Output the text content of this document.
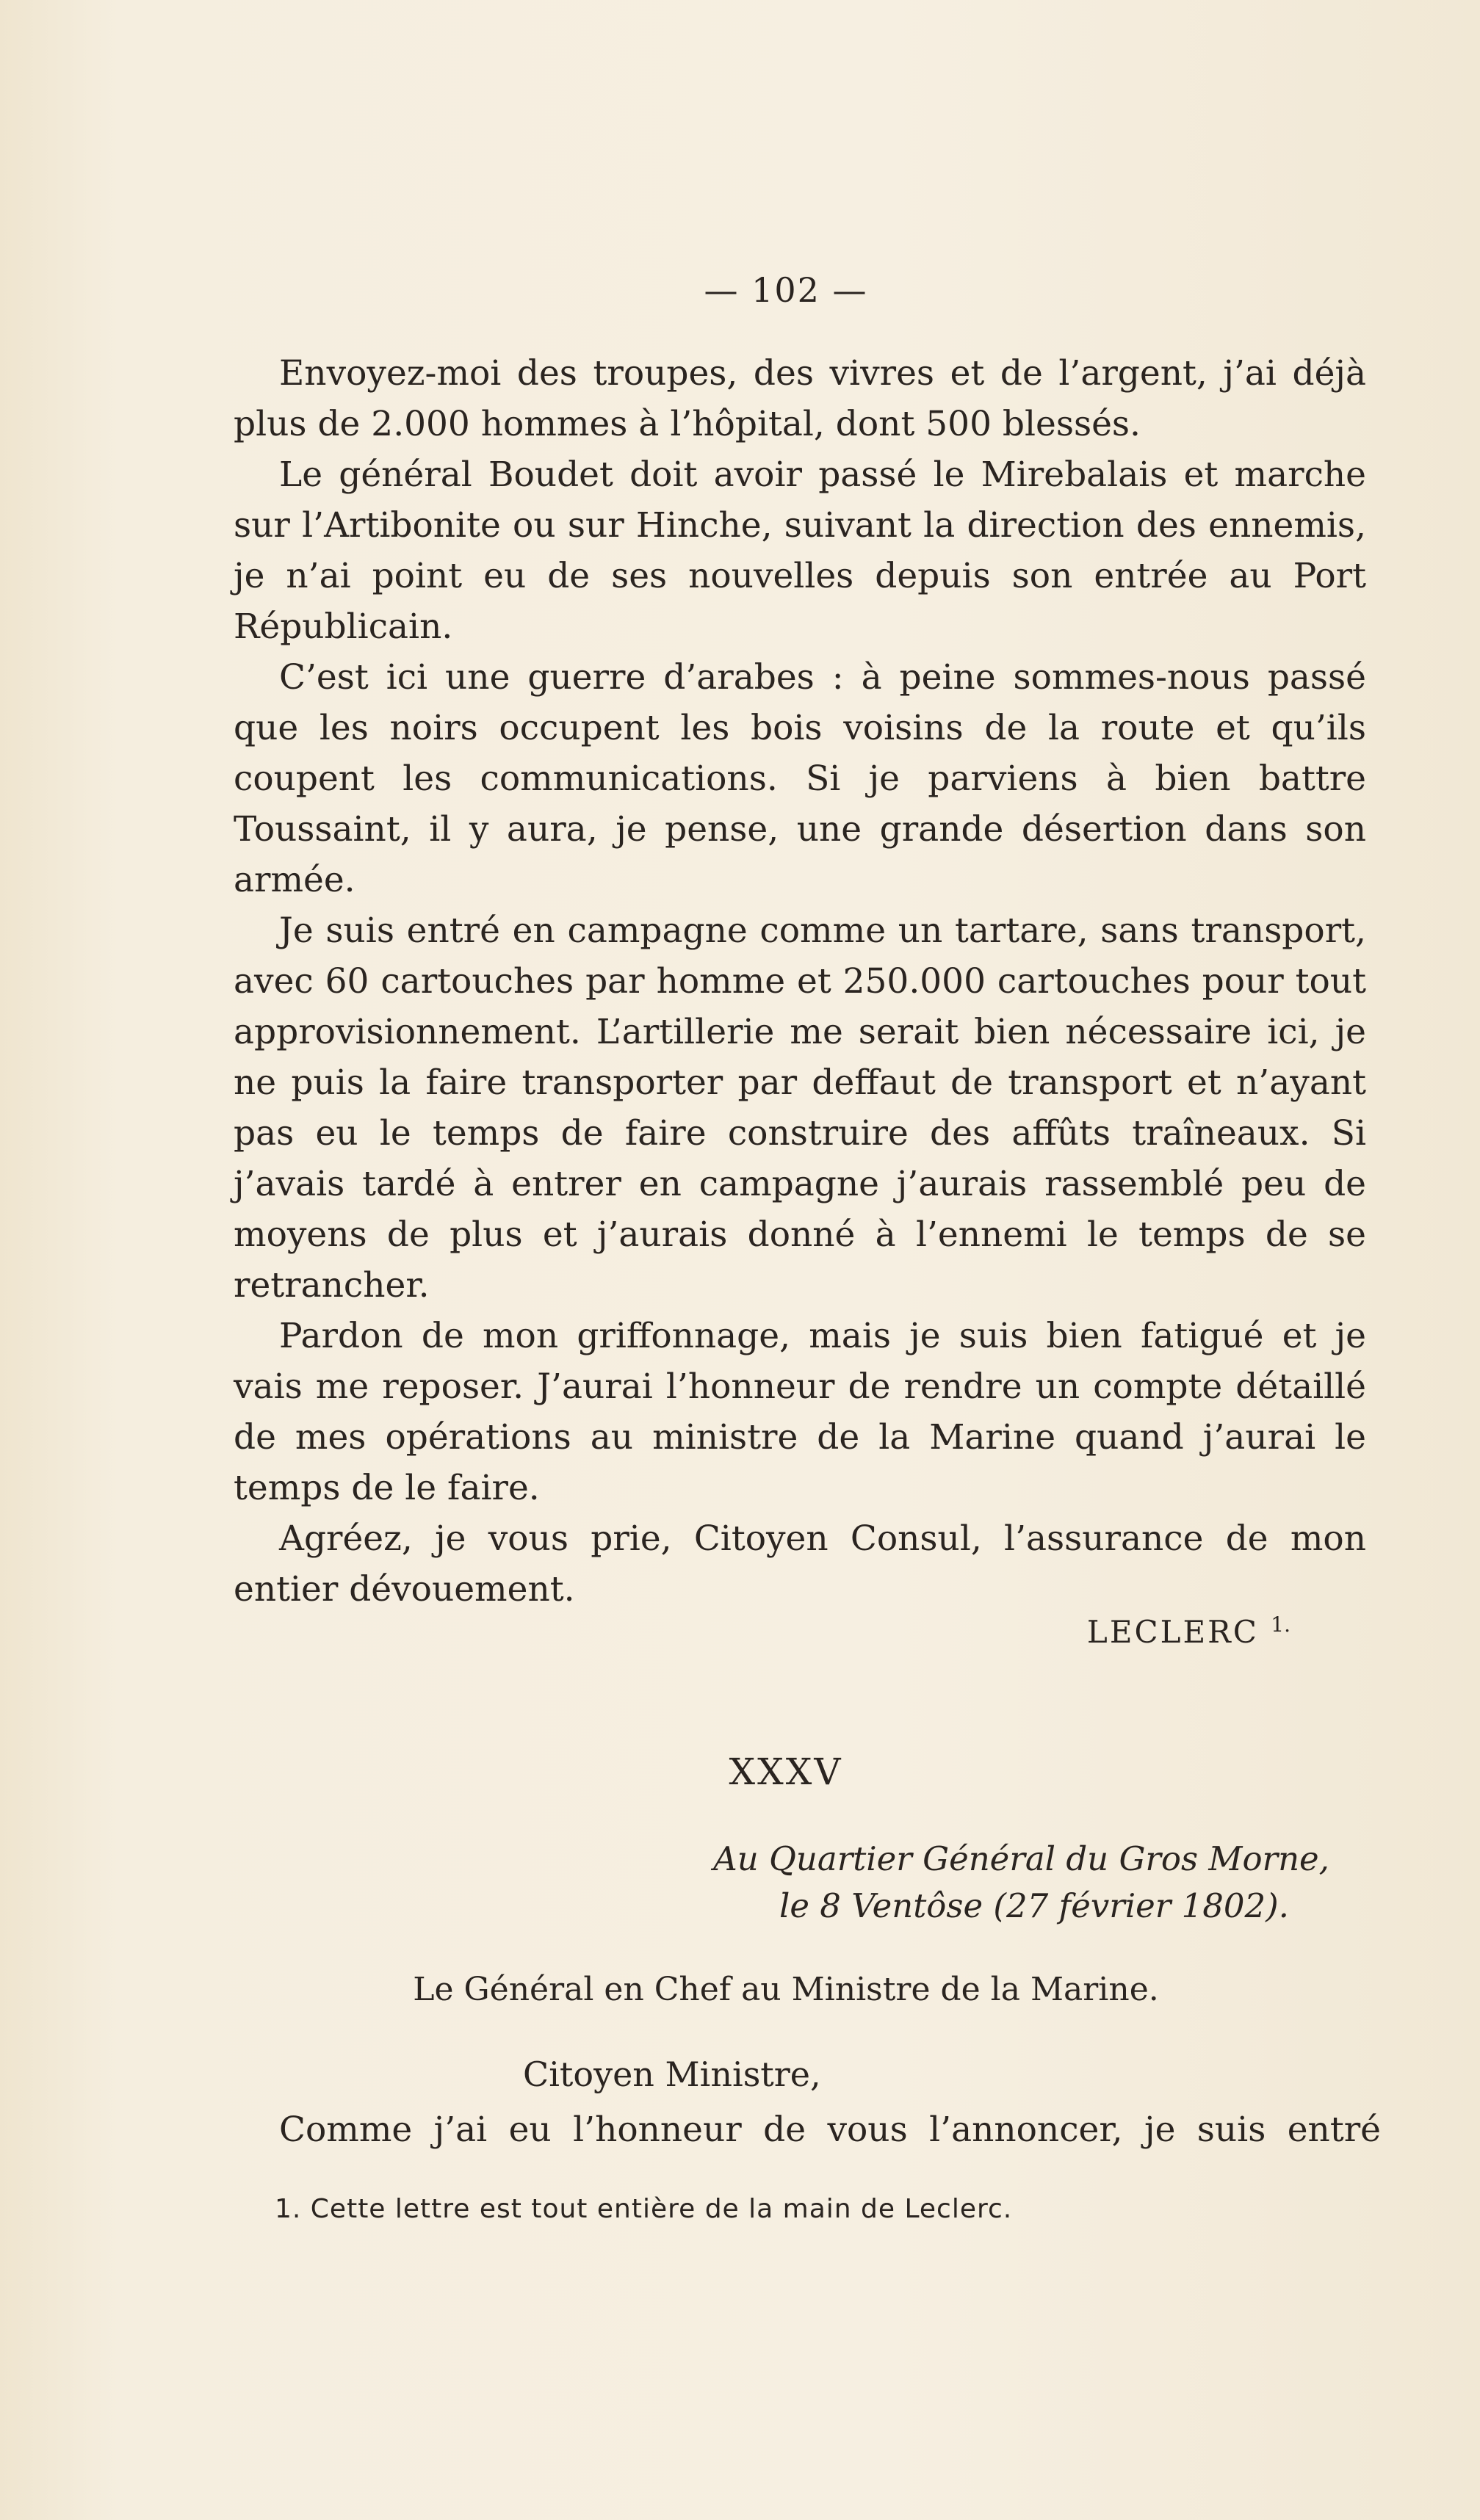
— 102 —

Envoyez-moi des troupes, des vivres et de l’argent, j’ai déjà plus de 2.000 hommes à l’hôpital, dont 500 blessés.

Le général Boudet doit avoir passé le Mirebalais et marche sur l’Artibonite ou sur Hinche, suivant la direction des ennemis, je n’ai point eu de ses nouvelles depuis son entrée au Port Républicain.

C’est ici une guerre d’arabes : à peine sommes-nous passé que les noirs occupent les bois voisins de la route et qu’ils coupent les communications. Si je parviens à bien battre Toussaint, il y aura, je pense, une grande désertion dans son armée.

Je suis entré en campagne comme un tartare, sans transport, avec 60 cartouches par homme et 250.000 cartouches pour tout approvisionnement. L’artillerie me serait bien nécessaire ici, je ne puis la faire transporter par deffaut de transport et n’ayant pas eu le temps de faire construire des affûts traîneaux. Si j’avais tardé à entrer en campagne j’aurais rassemblé peu de moyens de plus et j’aurais donné à l’ennemi le temps de se retrancher.

Pardon de mon griffonnage, mais je suis bien fatigué et je vais me reposer. J’aurai l’honneur de rendre un compte détaillé de mes opérations au ministre de la Marine quand j’aurai le temps de le faire.

Agréez, je vous prie, Citoyen Consul, l’assurance de mon entier dévouement.

LECLERC $^{1.}$
XXXV
Au Quartier Général du Gros Morne,
le 8 Ventôse (27 février 1802).
Le Général en Chef au Ministre de la Marine.
Citoyen Ministre,
Comme j’ai eu l’honneur de vous l’annoncer, je suis entré
1. Cette lettre est tout entière de la main de Leclerc.
